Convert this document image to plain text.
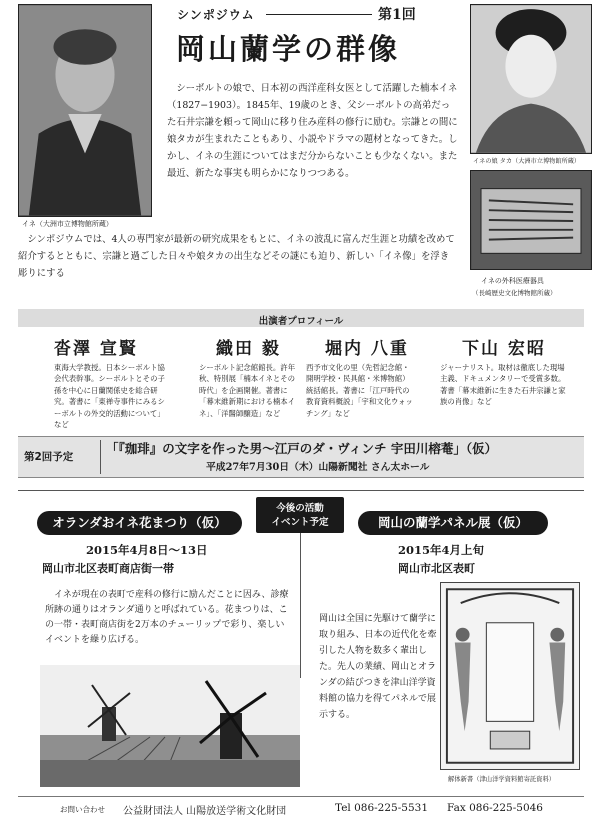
シンポジウム	第1回
岡山蘭学の群像
イネ（大洲市立博物館所蔵）
イネの娘 タカ（大洲市立博物館所蔵）
イネの外科医療器具
（長崎歴史文化博物館所蔵）
シーボルトの娘で、日本初の西洋産科女医として活躍した楠本イネ（1827−1903）。1845年、19歳のとき、父シーボルトの高弟だった石井宗謙を頼って岡山に移り住み産科の修行に励む。宗謙との間に娘タカが生まれたこともあり、小説やドラマの題材となってきた。しかし、イネの生涯についてはまだ分からないことも少なくない。また最近、新たな事実も明らかになりつつある。
シンポジウムでは、4人の専門家が最新の研究成果をもとに、イネの波乱に富んだ生涯と功績を改めて紹介するとともに、宗謙と過ごした日々や娘タカの出生などその謎にも迫り、新しい「イネ像」を浮き彫りにする
出演者プロフィール
沓澤 宣賢
東海大学教授。日本シーボルト協会代表幹事。シーボルトとその子孫を中心に日蘭関係史を総合研究。著書に「東禅寺事件にみるシーボルトの外交的活動について」など
織田 毅
シーボルト記念館館長。許年秋、特別展「楠本イネとその時代」を企画開催。著書に「幕末維新期における楠本イネ」、「洋醫師醸造」など
堀内 八重
西予市文化の里（先哲記念館・開明学校・民具館・米博物館）統括館長。著書に「江戸時代の教育資料概説」「宇和文化ウォッチング」など
下山 宏昭
ジャーナリスト。取材は徹底した現場主義、ドキュメンタリーで受賞多数。著書「幕末維新に生きた石井宗謙と家族の肖像」など
第2回予定
「『珈琲』の文字を作った男〜江戸のダ・ヴィンチ 宇田川榕菴」（仮）
平成27年7月30日（木）山陽新聞社 さん太ホール
今後の活動
イベント予定
オランダおイネ花まつり（仮）
2015年4月8日〜13日
岡山市北区表町商店街一帯
イネが現在の表町で産科の修行に励んだことに因み、診療所跡の通りはオランダ通りと呼ばれている。花まつりは、この一帯・表町商店街を2万本のチューリップで彩り、楽しいイベントを繰り広げる。
岡山の蘭学パネル展（仮）
2015年4月上旬
岡山市北区表町
岡山は全国に先駆けて蘭学に取り組み、日本の近代化を牽引した人物を数多く輩出した。先人の業績、岡山とオランダの結びつきを津山洋学資料館の協力を得てパネルで展示する。
解体新書（津山洋学資料館寄託資料）
お問い合わせ 公益財団法人 山陽放送学術文化財団	Tel 086-225-5531 Fax 086-225-5046
